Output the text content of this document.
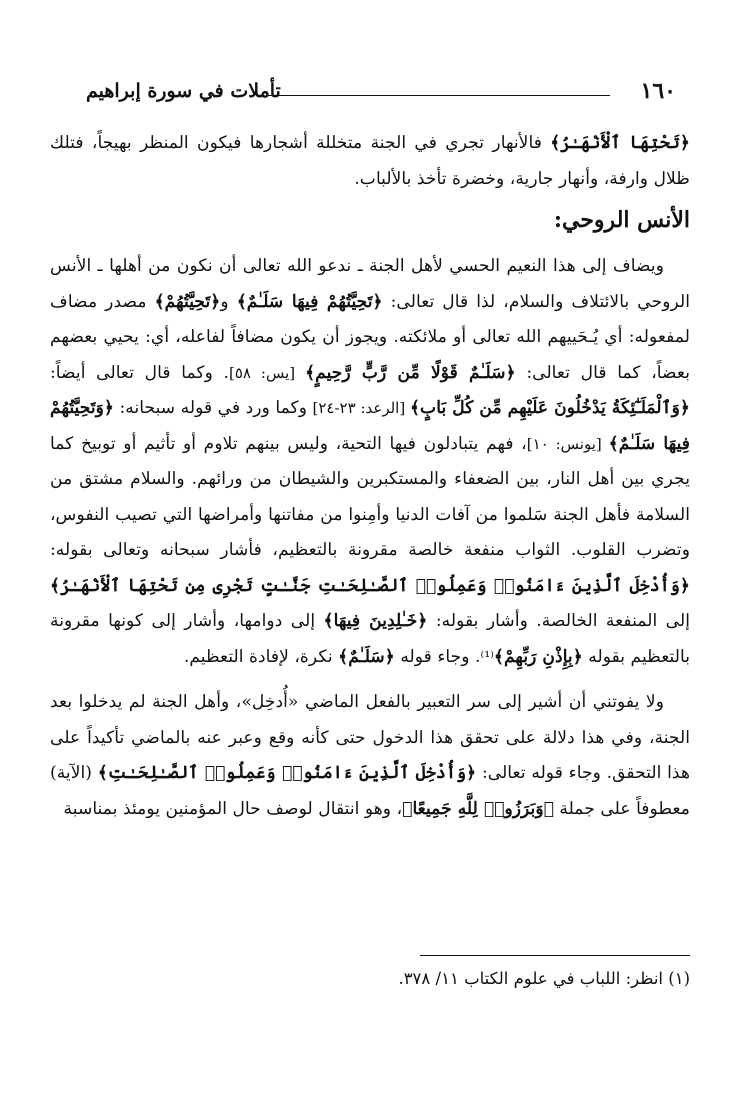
تأملات في سورة إبراهيم	١٦٠

﴿تَحْتِهَا ٱلْأَنْهَـٰرُ﴾ فالأنهار تجري في الجنة متخللة أشجارها فيكون المنظر بهيجاً، فتلك ظلال وارفة، وأنهار جارية، وخضرة تأخذ بالألباب.

الأنس الروحي:

ويضاف إلى هذا النعيم الحسي لأهل الجنة ـ ندعو الله تعالى أن نكون من أهلها ـ الأنس الروحي بالائتلاف والسلام، لذا قال تعالى: ﴿تَحِيَّتُهُمْ فِيهَا سَلَـٰمٌ﴾ و﴿تَحِيَّتُهُمْ﴾ مصدر مضاف لمفعوله: أي يُـحَييهم الله تعالى أو ملائكته. ويجوز أن يكون مضافاً لفاعله، أي: يحيي بعضهم بعضاً، كما قال تعالى: ﴿سَلَـٰمٌ قَوْلًا مِّن رَّبٍّ رَّحِيمٍ﴾ [يس: ٥٨]. وكما قال تعالى أيضاً: ﴿وَٱلْمَلَـٰٓئِكَةُ يَدْخُلُونَ عَلَيْهِم مِّن كُلِّ بَابٍ﴾ [الرعد: ٢٣-٢٤] وكما ورد في قوله سبحانه: ﴿وَتَحِيَّتُهُمْ فِيهَا سَلَـٰمٌ﴾ [يونس: ١٠]، فهم يتبادلون فيها التحية، وليس بينهم تلاوم أو تأثيم أو توبيخ كما يجري بين أهل النار، بين الضعفاء والمستكبرين والشيطان من ورائهم. والسلام مشتق من السلامة فأهل الجنة سَلموا من آفات الدنيا وأمِنوا من مفاتنها وأمراضها التي تصيب النفوس، وتضرب القلوب. الثواب منفعة خالصة مقرونة بالتعظيم، فأشار سبحانه وتعالى بقوله: ﴿وَأُدْخِلَ ٱلَّذِينَ ءَامَنُوا۟ وَعَمِلُوا۟ ٱلصَّـٰلِحَـٰتِ جَنَّـٰتٍ تَجْرِى مِن تَحْتِهَا ٱلْأَنْهَـٰرُ﴾ إلى المنفعة الخالصة. وأشار بقوله: ﴿خَـٰلِدِينَ فِيهَا﴾ إلى دوامها، وأشار إلى كونها مقرونة بالتعظيم بقوله ﴿بِإِذْنِ رَبِّهِمْ﴾⁽¹⁾. وجاء قوله ﴿سَلَـٰمٌ﴾ نكرة، لإفادة التعظيم.

ولا يفوتني أن أشير إلى سر التعبير بالفعل الماضي «أُدخِل»، وأهل الجنة لم يدخلوا بعد الجنة، وفي هذا دلالة على تحقق هذا الدخول حتى كأنه وقع وعبر عنه بالماضي تأكيداً على هذا التحقق. وجاء قوله تعالى: ﴿وَأُدْخِلَ ٱلَّذِينَ ءَامَنُوا۟ وَعَمِلُوا۟ ٱلصَّـٰلِحَـٰتِ﴾ (الآية) معطوفاً على جملة ﴿وَبَرَزُوا۟ لِلَّهِ جَمِيعًا﴾، وهو انتقال لوصف حال المؤمنين يومئذ بمناسبة

(١) انظر: اللباب في علوم الكتاب ١١/ ٣٧٨.
